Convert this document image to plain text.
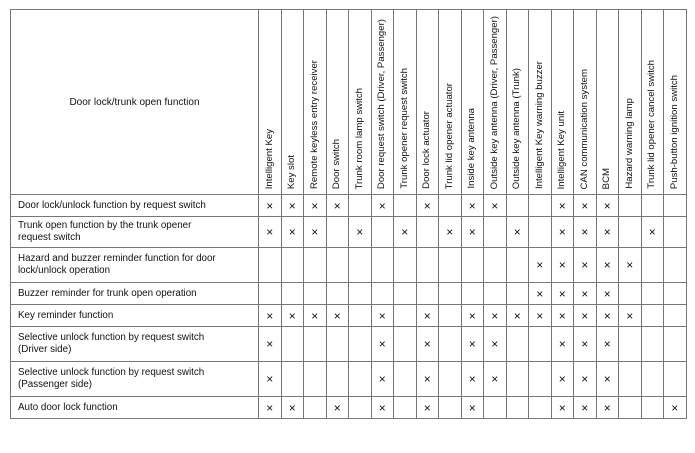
Door lock/trunk open function	Intelligent Key	Key slot	Remote keyless entry receiver	Door switch	Trunk room lamp switch	Door request switch (Driver, Passenger)	Trunk opener request switch	Door lock actuator	Trunk lid opener actuator	Inside key antenna	Outside key antenna (Driver, Passenger)	Outside key antenna (Trunk)	Intelligent Key warning buzzer	Intelligent Key unit	CAN communication system	BCM	Hazard warning lamp	Trunk lid opener cancel switch	Push-button ignition switch

Door lock/unlock function by request switch	×	×	×	×		×		×		×	×			×	×	×			

Trunk open function by the trunk opener
request switch	×	×	×		×		×		×	×		×		×	×	×		×	

Hazard and buzzer reminder function for door
lock/unlock operation													×	×	×	×	×		

Buzzer reminder for trunk open operation													×	×	×	×			

Key reminder function	×	×	×	×		×		×		×	×	×	×	×	×	×	×		

Selective unlock function by request switch
(Driver side)	×					×		×		×	×			×	×	×			

Selective unlock function by request switch
(Passenger side)	×					×		×		×	×			×	×	×			

Auto door lock function	×	×		×		×		×		×				×	×	×			×
